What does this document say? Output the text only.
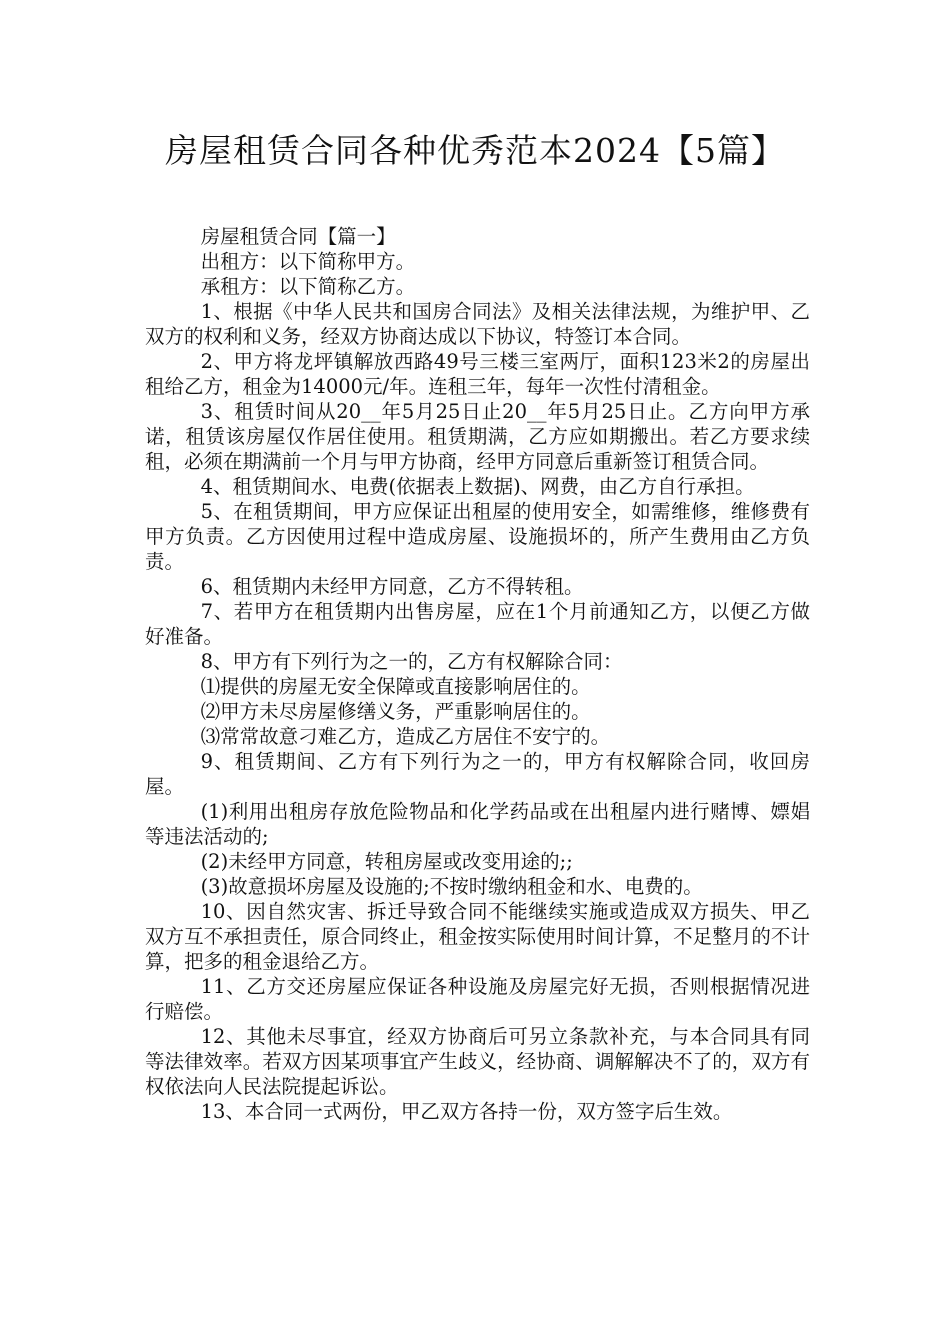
房屋租赁合同各种优秀范本2024【5篇】

房屋租赁合同【篇一】

出租方：以下简称甲方。

承租方：以下简称乙方。

1、根据《中华人民共和国房合同法》及相关法律法规，为维护甲、乙双方的权利和义务，经双方协商达成以下协议，特签订本合同。

2、甲方将龙坪镇解放西路49号三楼三室两厅，面积123米2的房屋出租给乙方，租金为14000元/年。连租三年，每年一次性付清租金。

3、租赁时间从20__年5月25日止20__年5月25日止。乙方向甲方承诺，租赁该房屋仅作居住使用。租赁期满，乙方应如期搬出。若乙方要求续租，必须在期满前一个月与甲方协商，经甲方同意后重新签订租赁合同。

4、租赁期间水、电费(依据表上数据)、网费，由乙方自行承担。

5、在租赁期间，甲方应保证出租屋的使用安全，如需维修，维修费有甲方负责。乙方因使用过程中造成房屋、设施损坏的，所产生费用由乙方负责。

6、租赁期内未经甲方同意，乙方不得转租。

7、若甲方在租赁期内出售房屋，应在1个月前通知乙方，以便乙方做好准备。

8、甲方有下列行为之一的，乙方有权解除合同：

⑴提供的房屋无安全保障或直接影响居住的。

⑵甲方未尽房屋修缮义务，严重影响居住的。

⑶常常故意刁难乙方，造成乙方居住不安宁的。

9、租赁期间、乙方有下列行为之一的，甲方有权解除合同，收回房屋。

(1)利用出租房存放危险物品和化学药品或在出租屋内进行赌博、嫖娼等违法活动的;

(2)未经甲方同意，转租房屋或改变用途的;;

(3)故意损坏房屋及设施的;不按时缴纳租金和水、电费的。

10、因自然灾害、拆迁导致合同不能继续实施或造成双方损失、甲乙双方互不承担责任，原合同终止，租金按实际使用时间计算，不足整月的不计算，把多的租金退给乙方。

11、乙方交还房屋应保证各种设施及房屋完好无损，否则根据情况进行赔偿。

12、其他未尽事宜，经双方协商后可另立条款补充，与本合同具有同等法律效率。若双方因某项事宜产生歧义，经协商、调解解决不了的，双方有权依法向人民法院提起诉讼。

13、本合同一式两份，甲乙双方各持一份，双方签字后生效。
